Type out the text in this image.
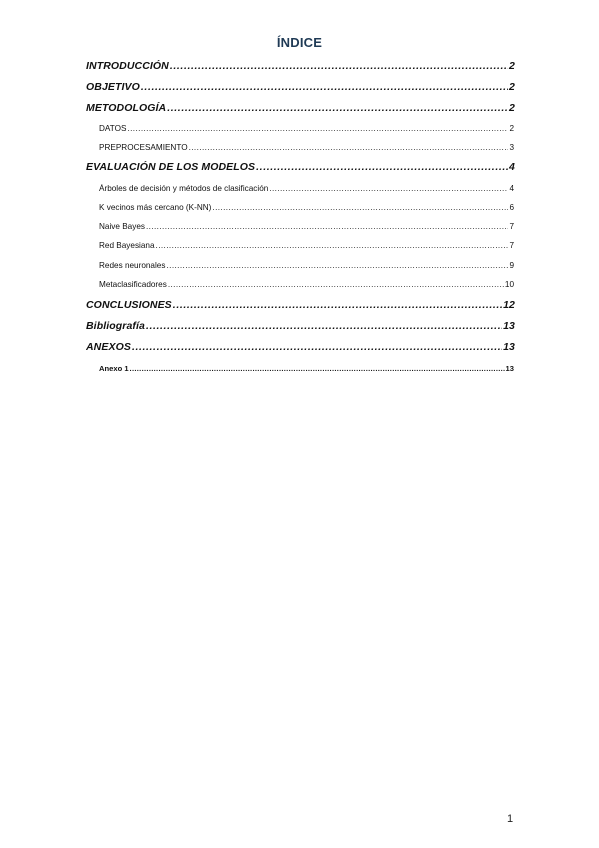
ÍNDICE
INTRODUCCIÓN .....	2
OBJETIVO .....	2
METODOLOGÍA .....	2
DATOS .....	2
PREPROCESAMIENTO .....	3
EVALUACIÓN DE LOS MODELOS .....	4
Árboles de decisión y métodos de clasificación .....	4
K vecinos más cercano (K-NN) .....	6
Naive Bayes .....	7
Red Bayesiana .....	7
Redes neuronales .....	9
Metaclasificadores .....	10
CONCLUSIONES .....	12
Bibliografía .....	13
ANEXOS .....	13
Anexo 1 .....	13
1
